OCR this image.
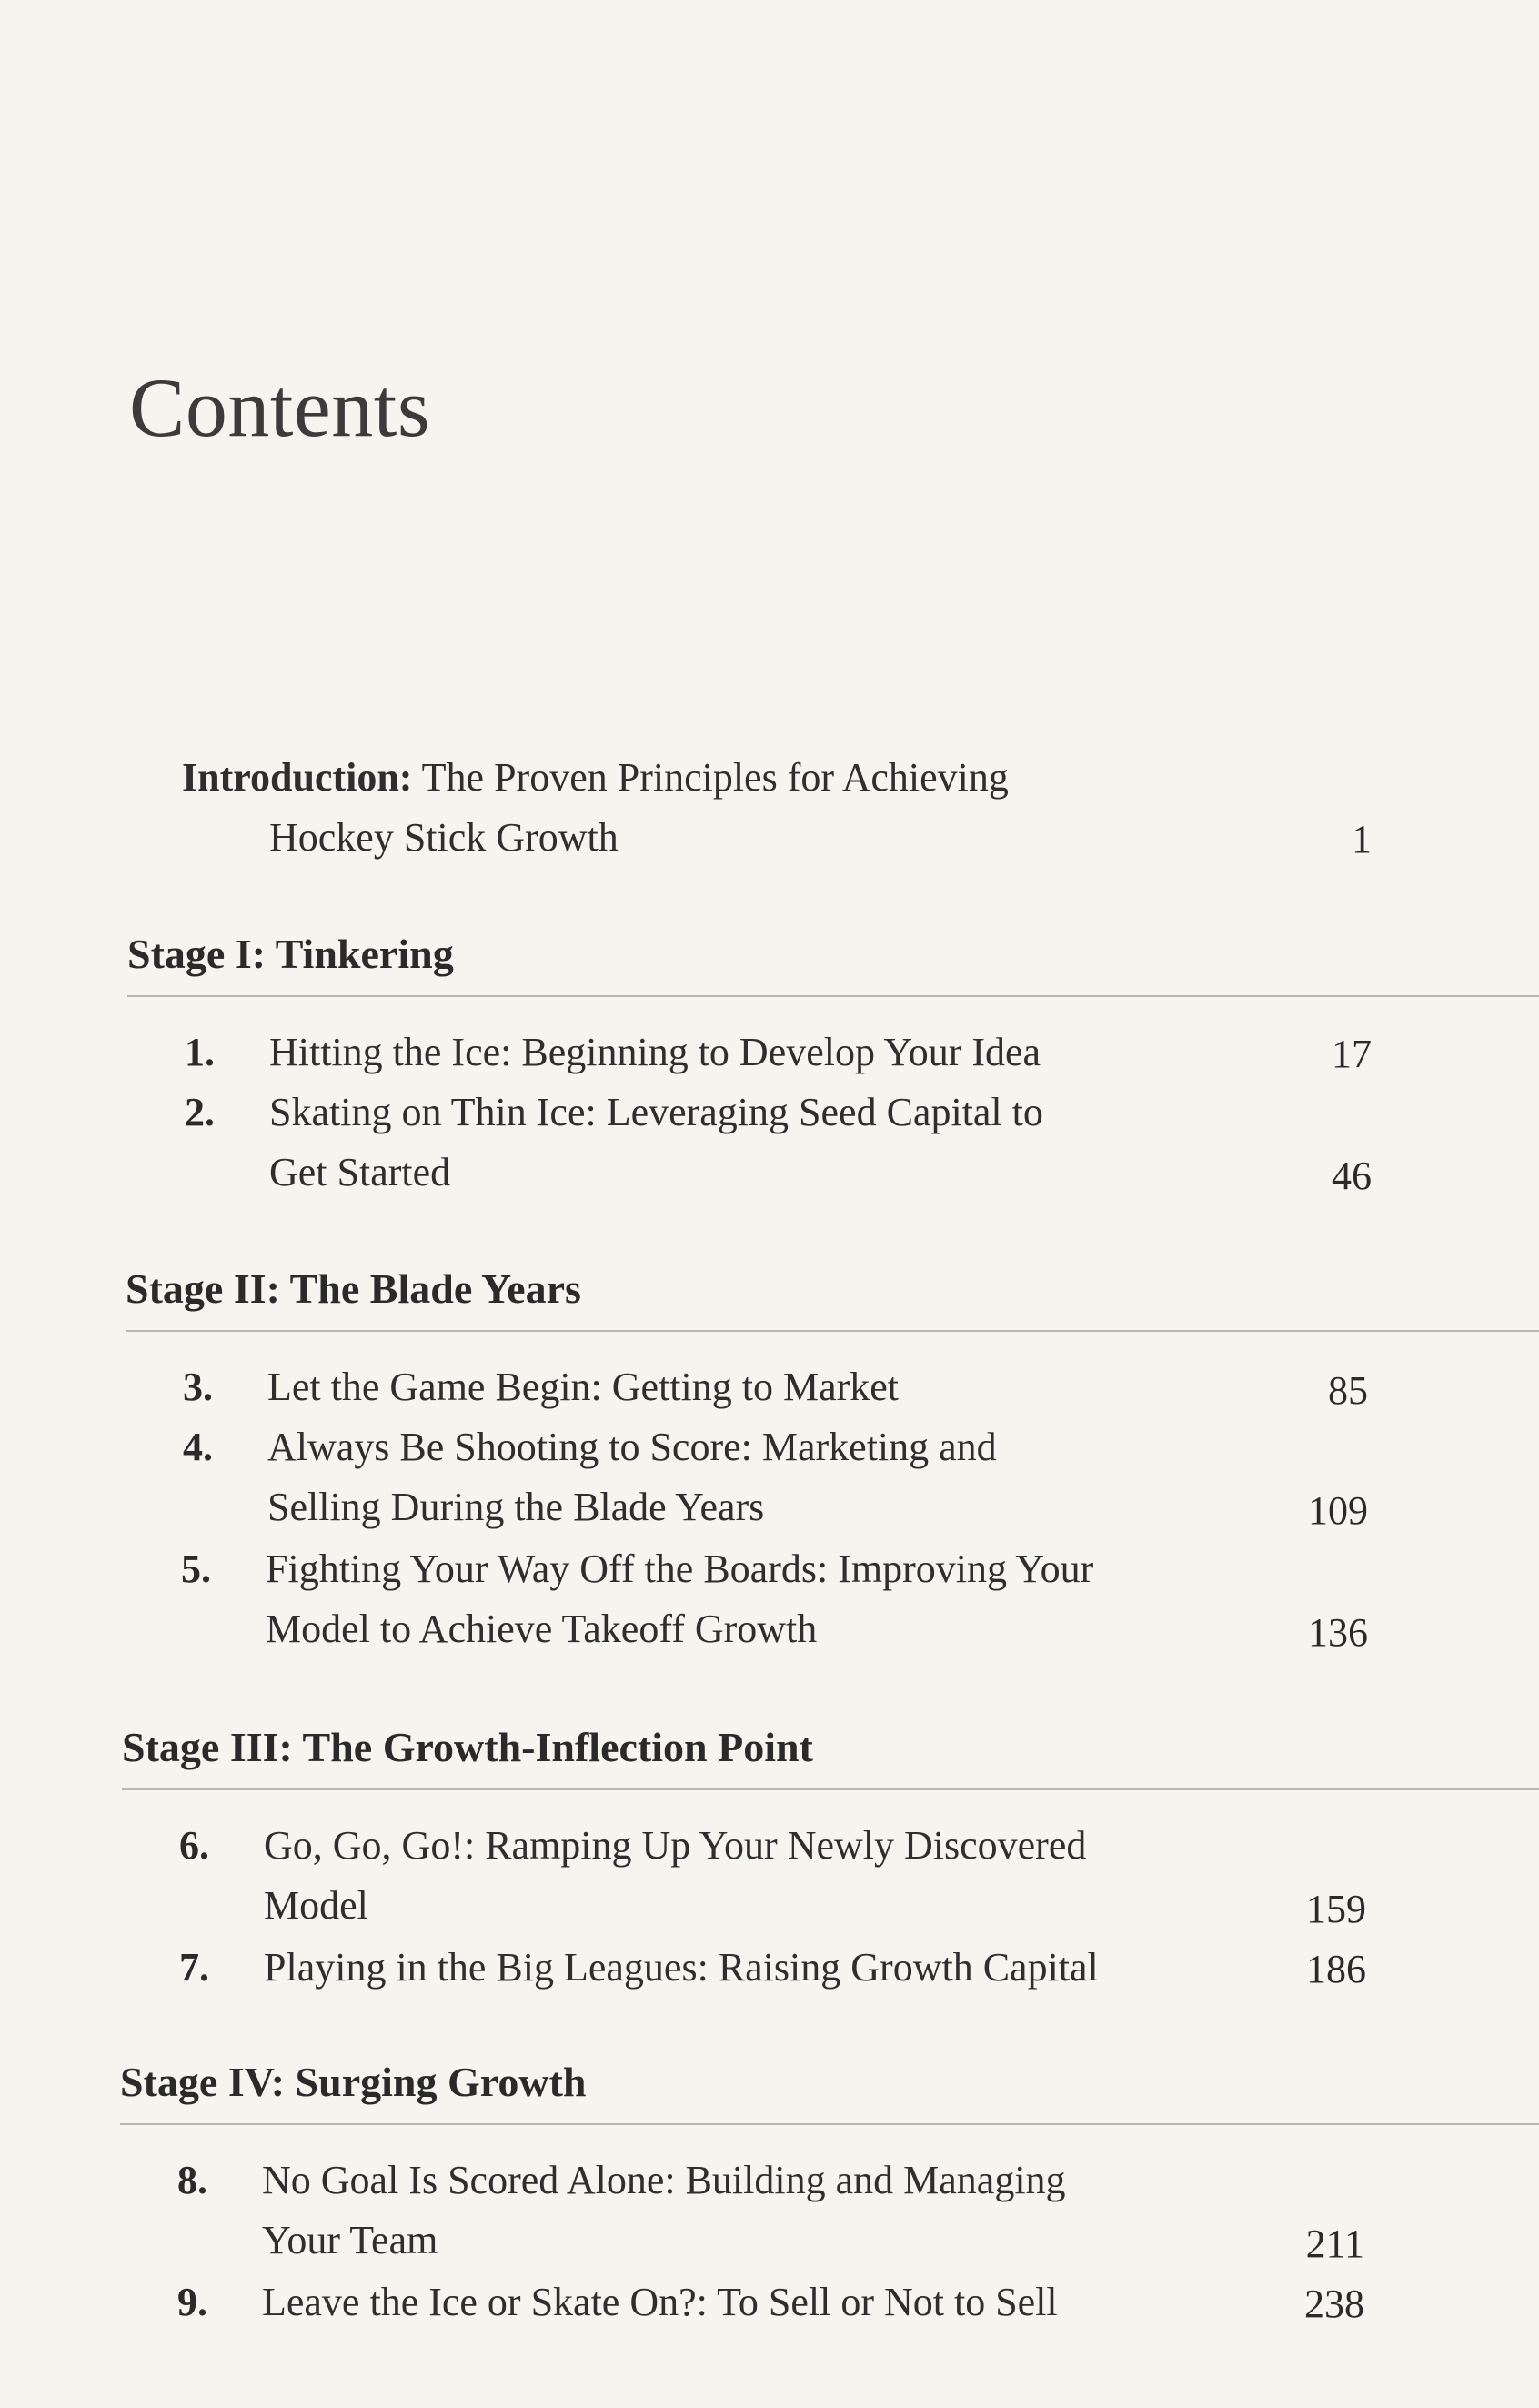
Contents
Introduction: The Proven Principles for Achieving
Hockey Stick Growth	1
Stage I: Tinkering
1. Hitting the Ice: Beginning to Develop Your Idea	17
2. Skating on Thin Ice: Leveraging Seed Capital to
Get Started	46
Stage II: The Blade Years
3. Let the Game Begin: Getting to Market	85
4. Always Be Shooting to Score: Marketing and
Selling During the Blade Years	109
5. Fighting Your Way Off the Boards: Improving Your
Model to Achieve Takeoff Growth	136
Stage III: The Growth-Inflection Point
6. Go, Go, Go!: Ramping Up Your Newly Discovered
Model	159
7. Playing in the Big Leagues: Raising Growth Capital	186
Stage IV: Surging Growth
8. No Goal Is Scored Alone: Building and Managing
Your Team	211
9. Leave the Ice or Skate On?: To Sell or Not to Sell	238
